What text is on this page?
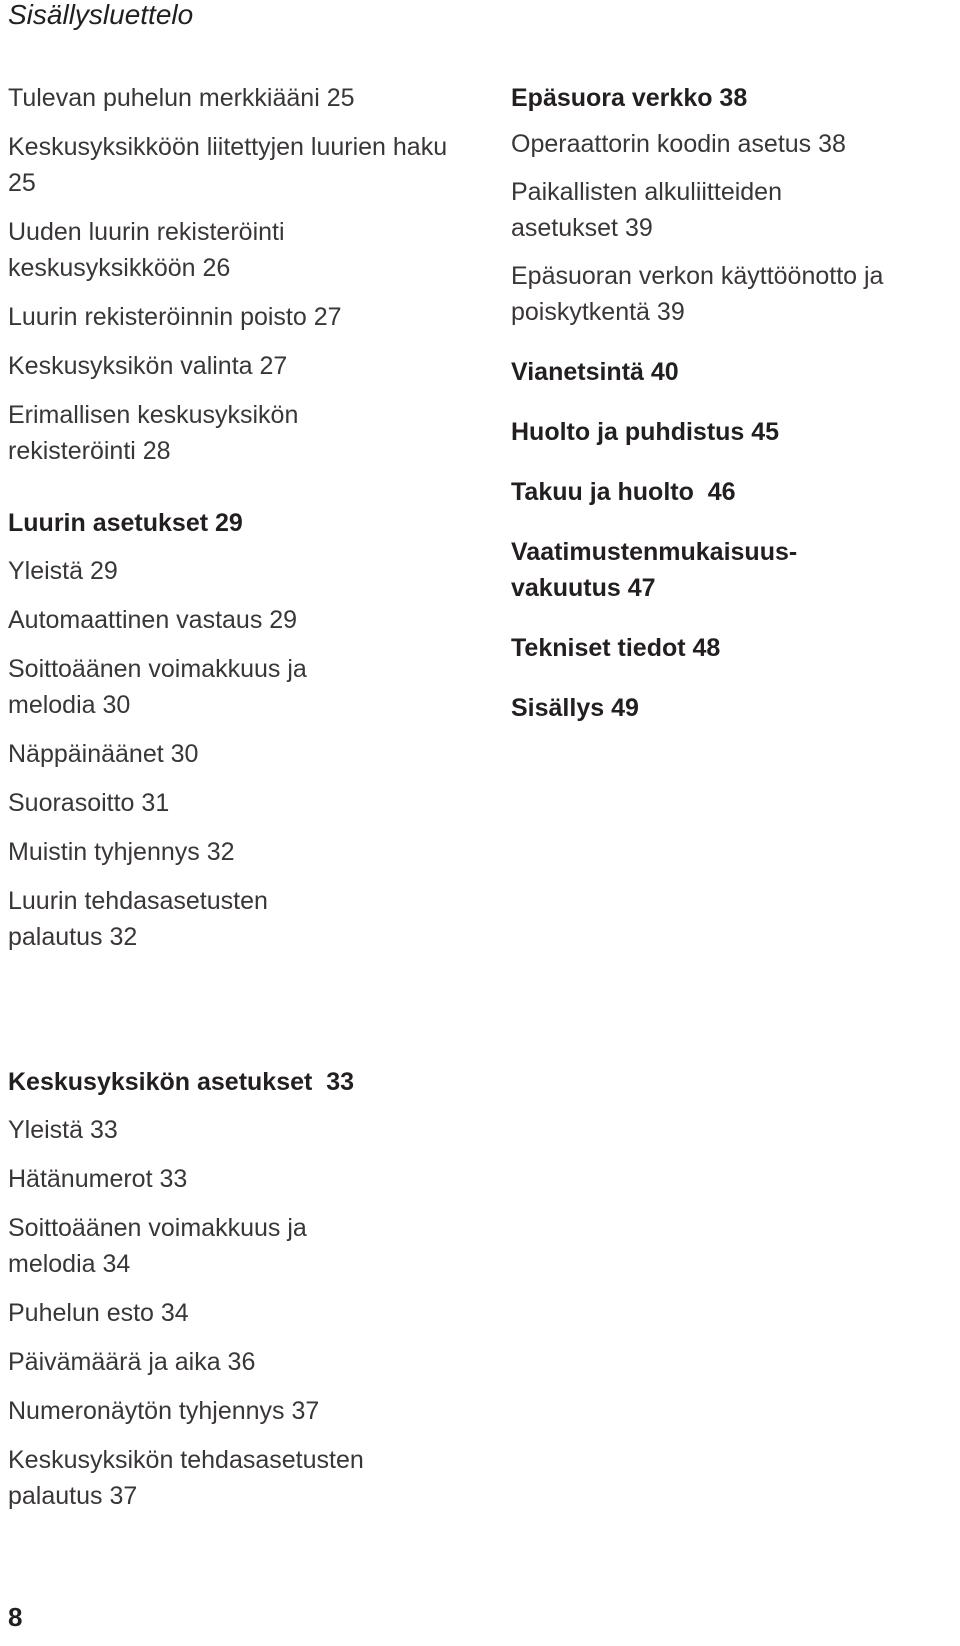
Sisällysluettelo

Tulevan puhelun merkkiääni 25

Keskusyksikköön liitettyjen luurien haku 25

Uuden luurin rekisteröinti keskusyksikköön 26

Luurin rekisteröinnin poisto 27

Keskusyksikön valinta 27

Erimallisen keskusyksikön rekisteröinti 28

Luurin asetukset 29

Yleistä 29

Automaattinen vastaus 29

Soittoäänen voimakkuus ja melodia 30

Näppäinäänet 30

Suorasoitto 31

Muistin tyhjennys 32

Luurin tehdasasetusten palautus 32

Keskusyksikön asetukset  33

Yleistä 33

Hätänumerot 33

Soittoäänen voimakkuus ja melodia 34

Puhelun esto 34

Päivämäärä ja aika 36

Numeronäytön tyhjennys 37

Keskusyksikön tehdasasetusten palautus 37

Epäsuora verkko 38

Operaattorin koodin asetus 38

Paikallisten alkuliitteiden asetukset 39

Epäsuoran verkon käyttöönotto ja poiskytkentä 39

Vianetsintä 40

Huolto ja puhdistus 45

Takuu ja huolto  46

Vaatimustenmukaisuus-vakuutus 47

Tekniset tiedot 48

Sisällys 49

8
